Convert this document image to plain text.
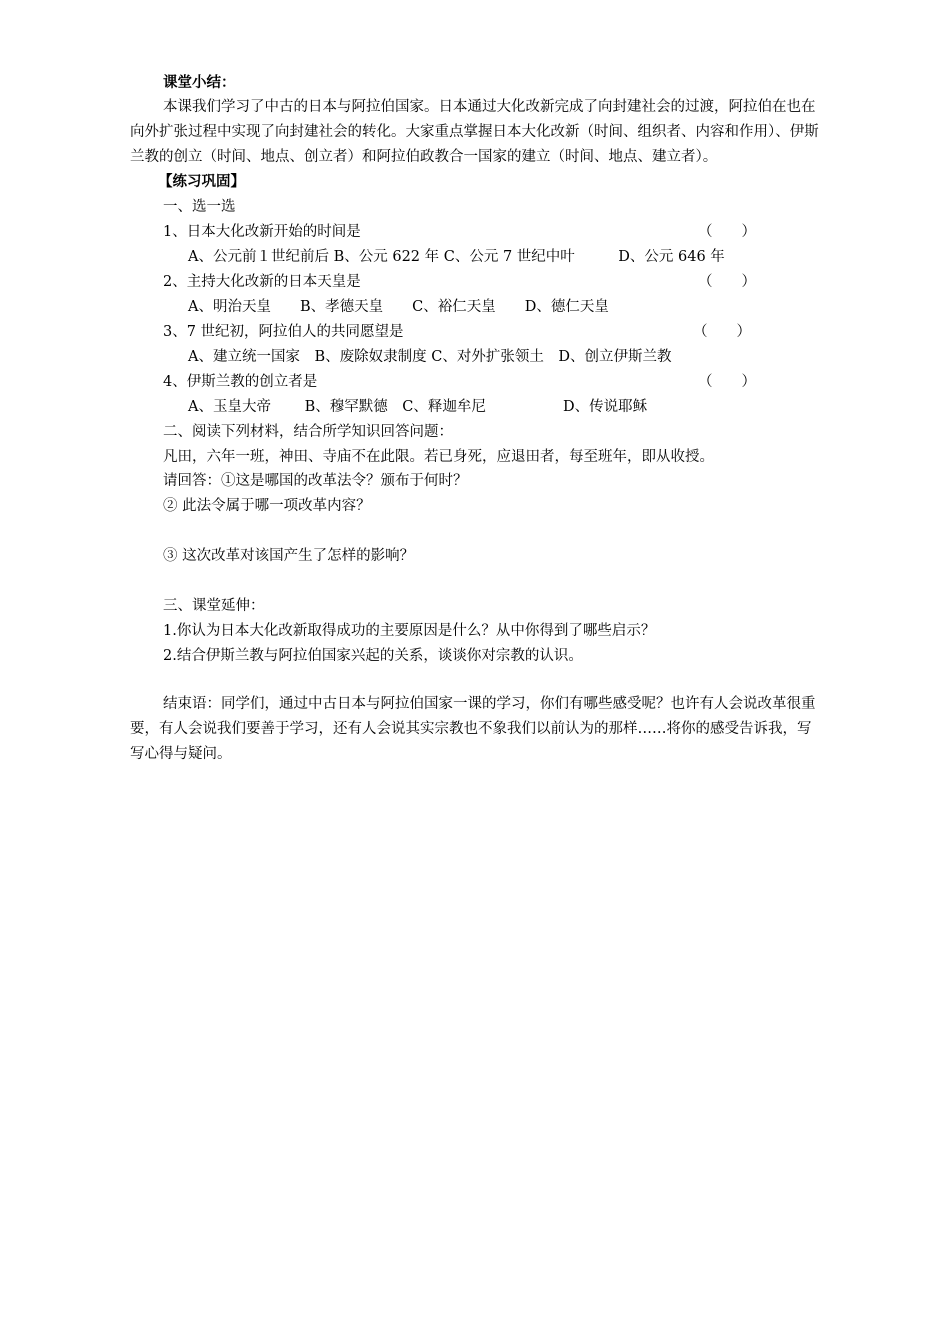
课堂小结：
本课我们学习了中古的日本与阿拉伯国家。日本通过大化改新完成了向封建社会的过渡，阿拉伯在也在
向外扩张过程中实现了向封建社会的转化。大家重点掌握日本大化改新（时间、组织者、内容和作用）、伊斯
兰教的创立（时间、地点、创立者）和阿拉伯政教合一国家的建立（时间、地点、建立者）。
【练习巩固】
一、选一选
1、日本大化改新开始的时间是	（　　）
A、公元前１世纪前后 B、公元 622 年 C、公元 7 世纪中叶　　　D、公元 646 年
2、主持大化改新的日本天皇是	（　　）
A、明治天皇　　B、孝德天皇　　C、裕仁天皇　　D、德仁天皇
3、7 世纪初，阿拉伯人的共同愿望是	（　　）
A、建立统一国家　B、废除奴隶制度 C、对外扩张领土　D、创立伊斯兰教
4、伊斯兰教的创立者是	（　　）
A、玉皇大帝　　 B、穆罕默德　C、释迦牟尼　　　　　 D、传说耶稣
二、阅读下列材料，结合所学知识回答问题：
凡田，六年一班，神田、寺庙不在此限。若已身死，应退田者，每至班年，即从收授。
请回答：①这是哪国的改革法令？颁布于何时？
② 此法令属于哪一项改革内容？
③ 这次改革对该国产生了怎样的影响？
三、课堂延伸：
1.你认为日本大化改新取得成功的主要原因是什么？从中你得到了哪些启示？
2.结合伊斯兰教与阿拉伯国家兴起的关系，谈谈你对宗教的认识。
结束语：同学们，通过中古日本与阿拉伯国家一课的学习，你们有哪些感受呢？也许有人会说改革很重
要，有人会说我们要善于学习，还有人会说其实宗教也不象我们以前认为的那样……将你的感受告诉我，写
写心得与疑问。
